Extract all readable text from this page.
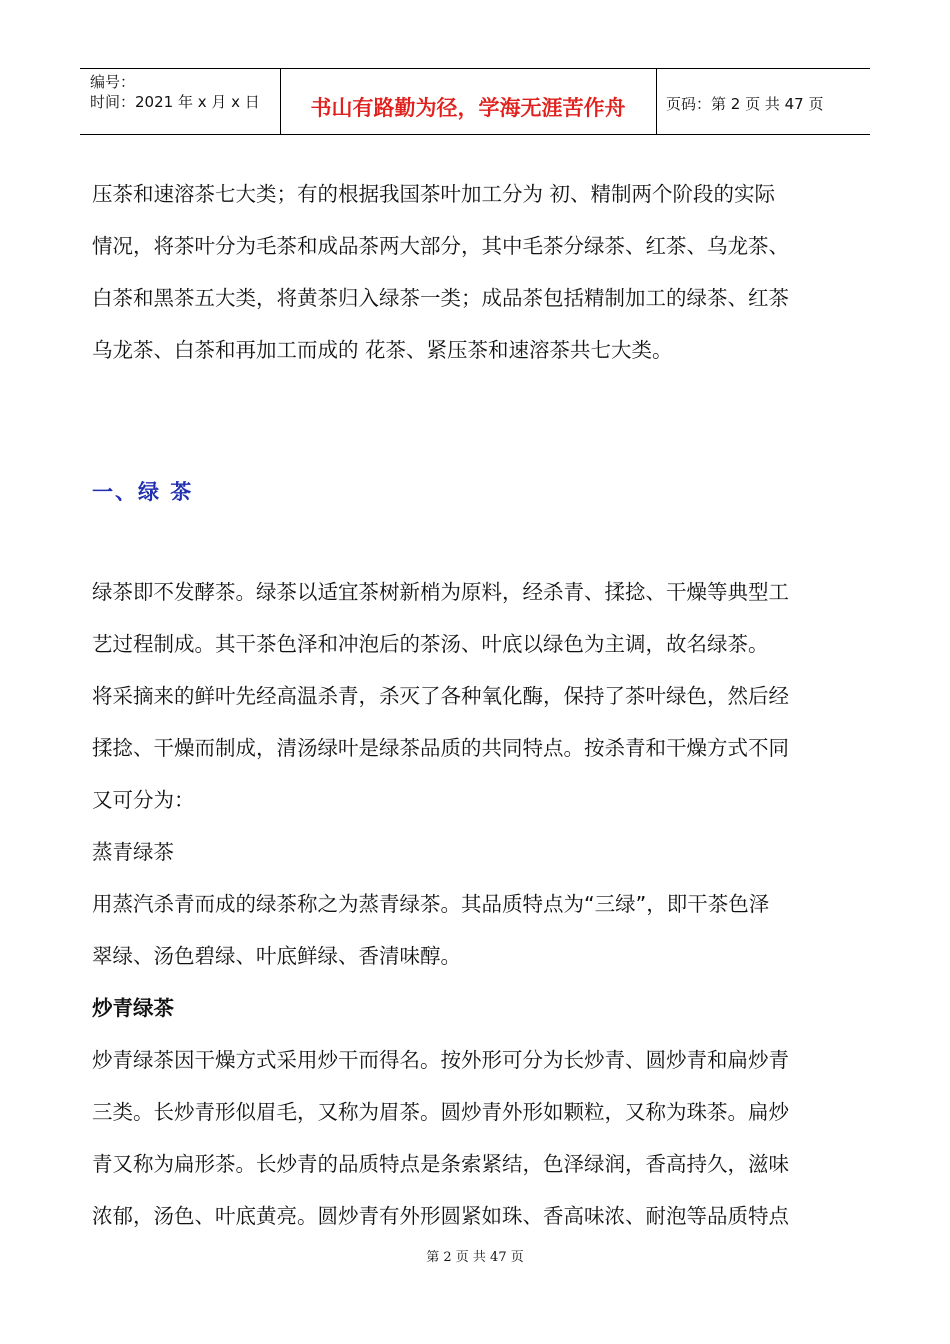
编号：
时间：2021 年 x 月 x 日	书山有路勤为径，学海无涯苦作舟	页码：第 2 页 共 47 页
压茶和速溶茶七大类；有的根据我国茶叶加工分为 初、精制两个阶段的实际
情况，将茶叶分为毛茶和成品茶两大部分，其中毛茶分绿茶、红茶、乌龙茶、
白茶和黑茶五大类，将黄茶归入绿茶一类；成品茶包括精制加工的绿茶、红茶
乌龙茶、白茶和再加工而成的 花茶、紧压茶和速溶茶共七大类。
一、绿 茶
绿茶即不发酵茶。绿茶以适宜茶树新梢为原料，经杀青、揉捻、干燥等典型工
艺过程制成。其干茶色泽和冲泡后的茶汤、叶底以绿色为主调，故名绿茶。
将采摘来的鲜叶先经高温杀青，杀灭了各种氧化酶，保持了茶叶绿色，然后经
揉捻、干燥而制成，清汤绿叶是绿茶品质的共同特点。按杀青和干燥方式不同
又可分为：
蒸青绿茶
用蒸汽杀青而成的绿茶称之为蒸青绿茶。其品质特点为“三绿”，即干茶色泽
翠绿、汤色碧绿、叶底鲜绿、香清味醇。
炒青绿茶
炒青绿茶因干燥方式采用炒干而得名。按外形可分为长炒青、圆炒青和扁炒青
三类。长炒青形似眉毛，又称为眉茶。圆炒青外形如颗粒，又称为珠茶。扁炒
青又称为扁形茶。长炒青的品质特点是条索紧结，色泽绿润，香高持久，滋味
浓郁，汤色、叶底黄亮。圆炒青有外形圆紧如珠、香高味浓、耐泡等品质特点
第 2 页 共 47 页
